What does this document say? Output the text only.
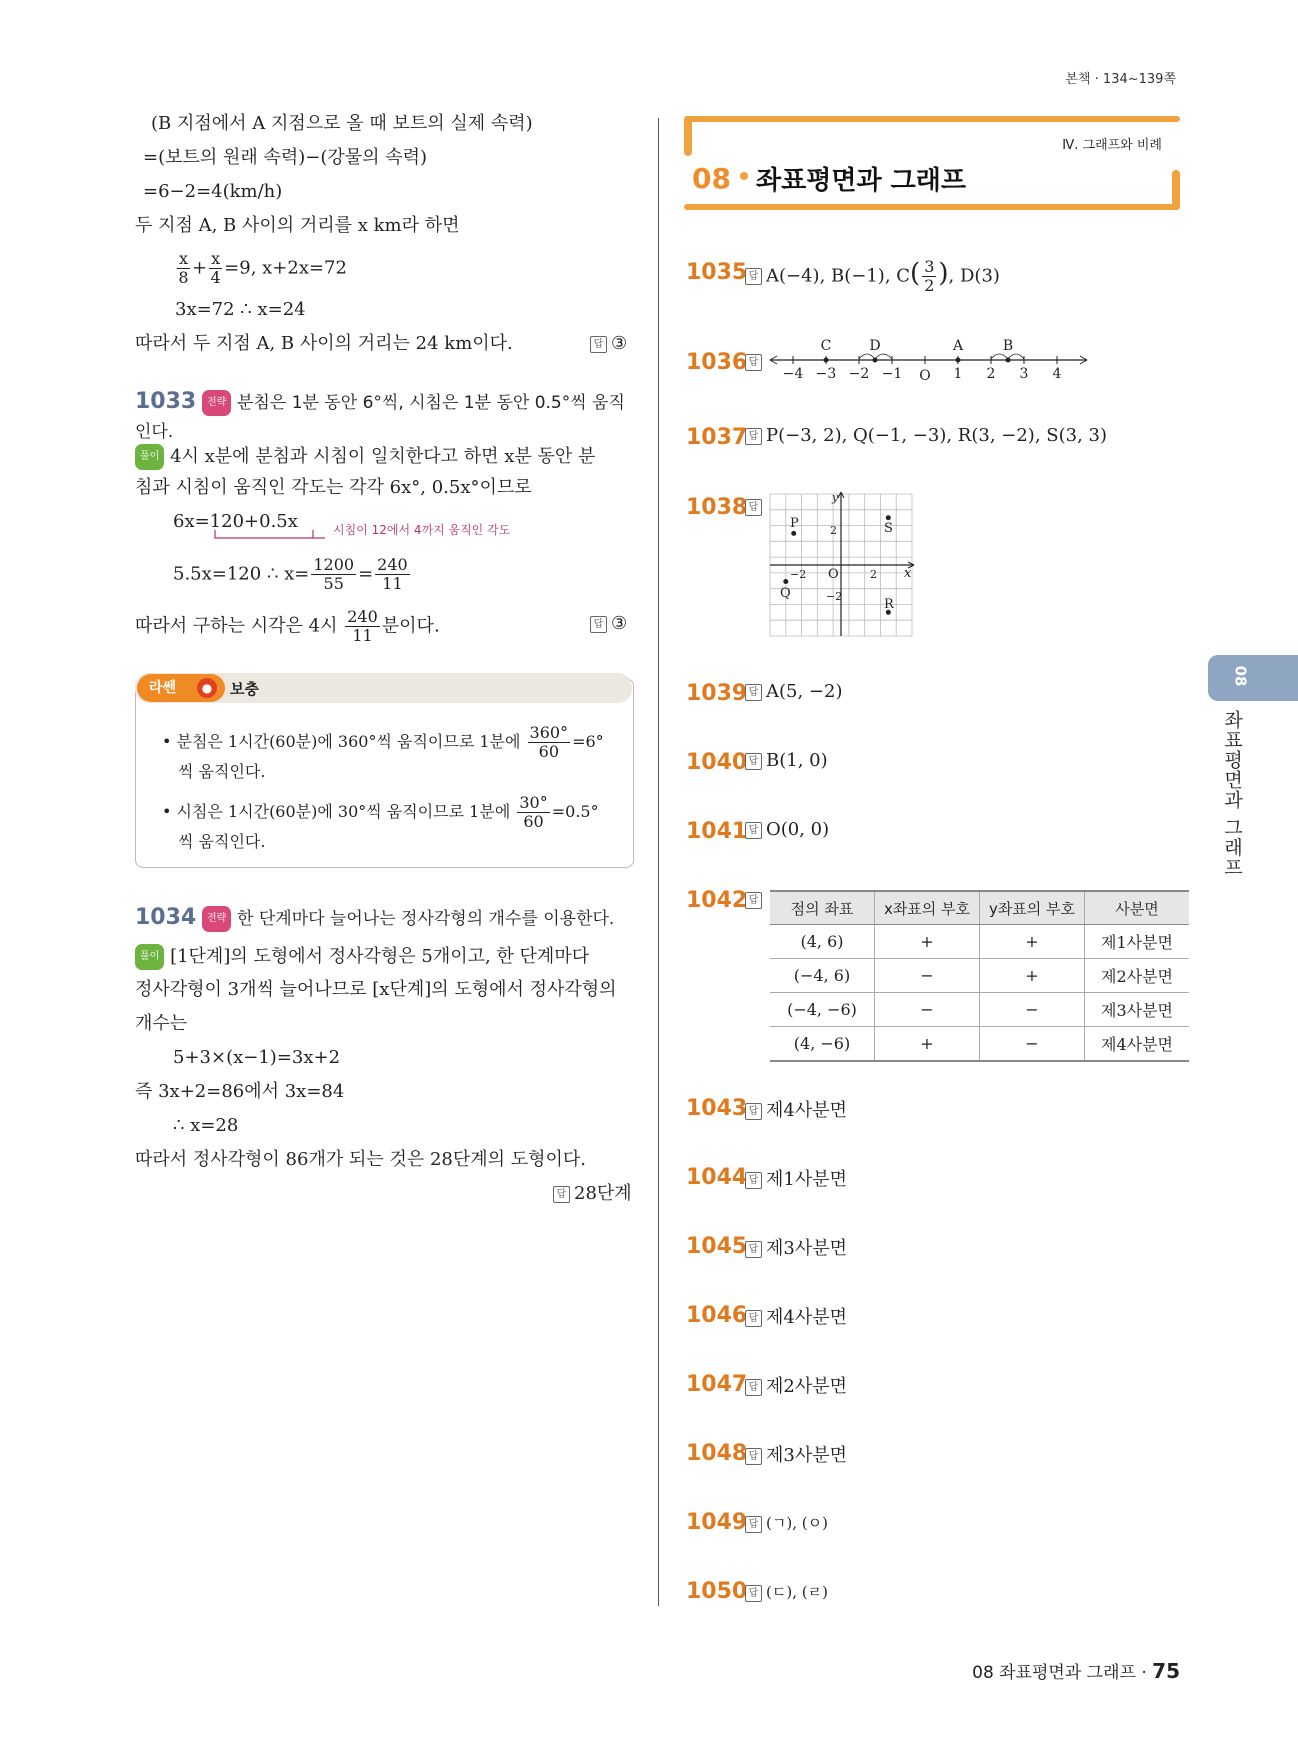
본책 · 134~139쪽
(B 지점에서 A 지점으로 올 때 보트의 실제 속력)
=(보트의 원래 속력)−(강물의 속력)
=6−2=4(km/h)
두 지점 A, B 사이의 거리를 x km라 하면
$\frac{x}{8} + \frac{x}{4} =9$, x+2x=72
3x=72 ∴ x=24
따라서 두 지점 A, B 사이의 거리는 24 km이다.	답 ③
1033 전략 분침은 1분 동안 6°씩, 시침은 1분 동안 0.5°씩 움직
인다.
풀이 4시 x분에 분침과 시침이 일치한다고 하면 x분 동안 분
침과 시침이 움직인 각도는 각각 6x°, 0.5x°이므로
6x=120+0.5x	시침이 12에서 4까지 움직인 각도
5.5x=120 ∴ $x= \frac{1200}{55} = \frac{240}{11}$
따라서 구하는 시각은 4시 $\frac{240}{11}$ 분이다.	답 ③
라쎈	●	보충
• 분침은 1시간(60분)에 360°씩 움직이므로 1분에 $\frac{360^\circ}{60} =6^\circ$
씩 움직인다.
• 시침은 1시간(60분)에 30°씩 움직이므로 1분에 $\frac{30^\circ}{60} =0.5^\circ$
씩 움직인다.
1034 전략 한 단계마다 늘어나는 정사각형의 개수를 이용한다.
풀이 [1단계]의 도형에서 정사각형은 5개이고, 한 단계마다
정사각형이 3개씩 늘어나므로 [x단계]의 도형에서 정사각형의
개수는
5+3×(x−1)=3x+2
즉 3x+2=86에서 3x=84
∴ x=28
따라서 정사각형이 86개가 되는 것은 28단계의 도형이다.
답 28단계
Ⅳ. 그래프와 비례
08 좌표평면과 그래프
1035 답 A(−4), B(−1), $C( \frac{3}{2}$ ), D(3)
1036 답
C	D	A	B
−4 −3 −2 −1 O 1 2 3 4
1037 답 P(−3, 2), Q(−1, −3), R(3, −2), S(3, 3)
1038 답
P	S
Q
R
y
x
O
2
−2
2
−2
1039 답 A(5, −2)
1040 답 B(1, 0)
1041 답 O(0, 0)
1042 답 점의 좌표	x좌표의 부호	y좌표의 부호	사분면
(4, 6)	+	+	제1사분면
(−4, 6)	−	+	제2사분면
(−4, −6)	−	−	제3사분면
(4, −6)	+	−	제4사분면
1043 답 제4사분면
1044 답 제1사분면
1045 답 제3사분면
1046 답 제4사분면
1047 답 제2사분면
1048 답 제3사분면
1049 답 (ㄱ), (ㅇ)
1050 답 (ㄷ), (ㄹ)
08
좌표평면과 그래프
08 좌표평면과 그래프 · 75
